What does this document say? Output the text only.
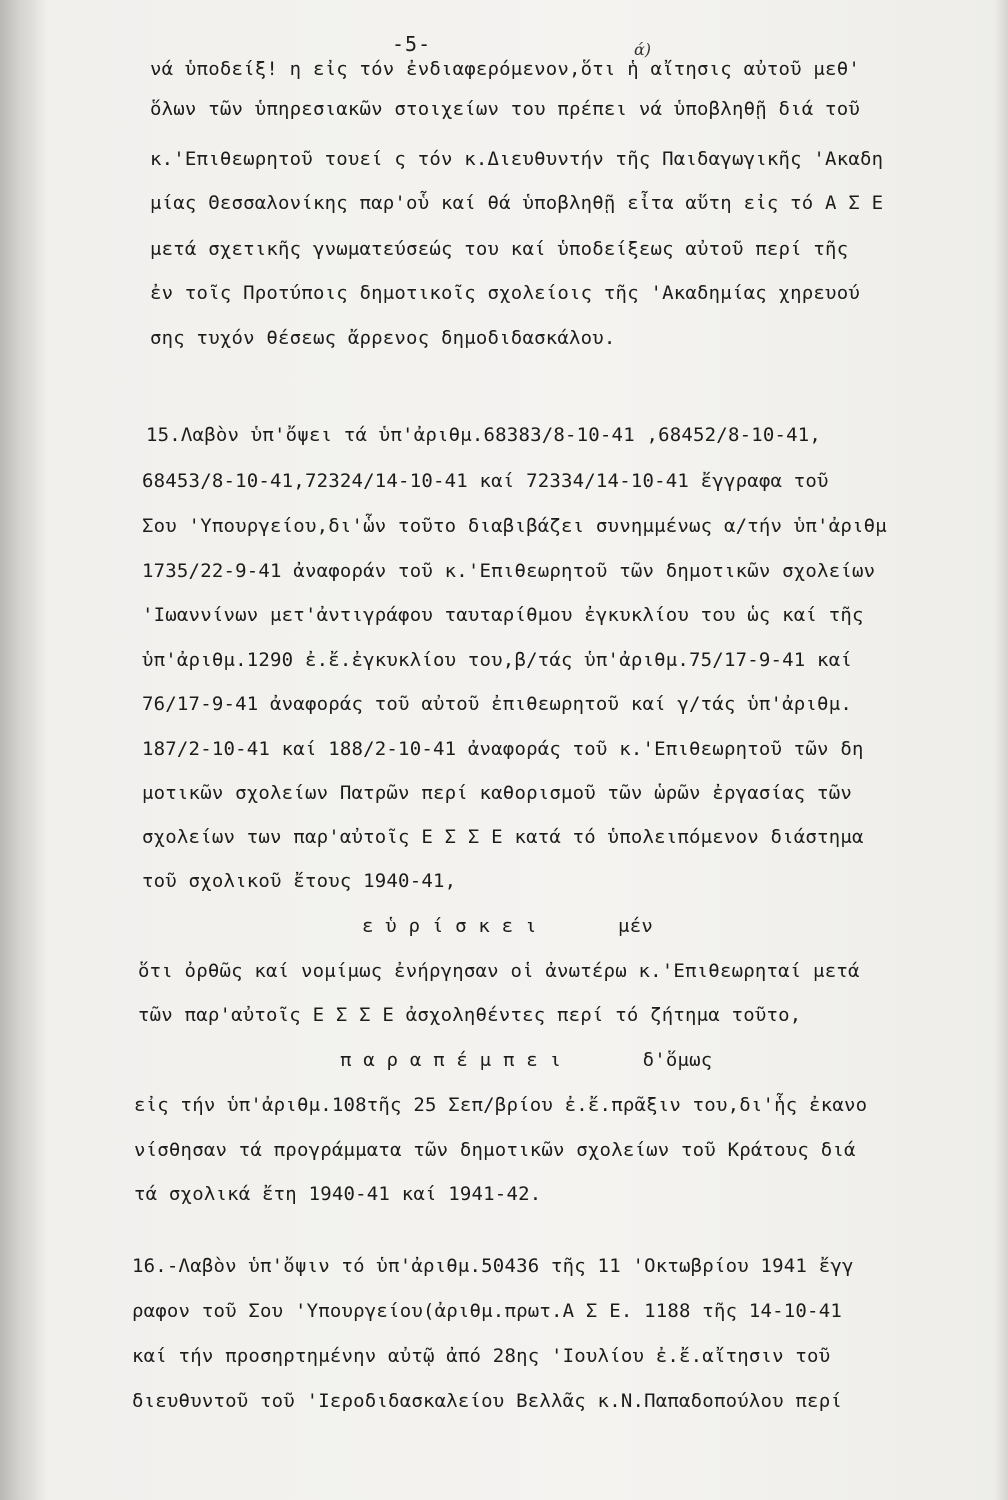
-5-	ά)
νά ὑποδείξ! η εἰς τόν ἐνδιαφερόμενον,ὅτι ἡ αἴτησις αὐτοῦ μεθ'
ὅλων τῶν ὑπηρεσιακῶν στοιχείων του πρέπει νά ὑποβληθῇ διά τοῦ
κ.'Επιθεωρητοῦ τουεί ς τόν κ.Διευθυντήν τῆς Παιδαγωγικῆς 'Ακαδη
μίας Θεσσαλονίκης παρ'οὗ καί θά ὑποβληθῇ εἶτα αὕτη εἰς τό Α Σ Ε
μετά σχετικῆς γνωματεύσεώς του καί ὑποδείξεως αὐτοῦ περί τῆς
ἐν τοῖς Προτύποις δημοτικοῖς σχολείοις τῆς 'Ακαδημίας χηρευού
σης τυχόν θέσεως ἄρρενος δημοδιδασκάλου.
15.Λαβὸν ὑπ'ὄψει τά ὑπ'ἀριθμ.68383/8-10-41 ,68452/8-10-41,
68453/8-10-41,72324/14-10-41 καί 72334/14-10-41 ἔγγραφα τοῦ
Σου 'Υπουργείου,δι'ὧν τοῦτο διαβιβάζει συνημμένως α/τήν ὑπ'ἀριθμ
1735/22-9-41 ἀναφοράν τοῦ κ.'Επιθεωρητοῦ τῶν δημοτικῶν σχολείων
'Ιωαννίνων μετ'ἀντιγράφου ταυταρίθμου ἐγκυκλίου του ὡς καί τῆς
ὑπ'ἀριθμ.1290 ἐ.ἔ.ἐγκυκλίου του,β/τάς ὑπ'ἀριθμ.75/17-9-41 καί
76/17-9-41 ἀναφοράς τοῦ αὐτοῦ ἐπιθεωρητοῦ καί γ/τάς ὑπ'ἀριθμ.
187/2-10-41 καί 188/2-10-41 ἀναφοράς τοῦ κ.'Επιθεωρητοῦ τῶν δη
μοτικῶν σχολείων Πατρῶν περί καθορισμοῦ τῶν ὡρῶν ἐργασίας τῶν
σχολείων των παρ'αὐτοῖς Ε Σ Σ Ε κατά τό ὑπολειπόμενον διάστημα
τοῦ σχολικοῦ ἔτους 1940-41,
ε ὑ ρ ί σ κ ε ι       μέν
ὅτι ὀρθῶς καί νομίμως ἐνήργησαν οἱ ἀνωτέρω κ.'Επιθεωρηταί μετά
τῶν παρ'αὐτοῖς Ε Σ Σ Ε ἀσχοληθέντες περί τό ζήτημα τοῦτο,
π α ρ α π έ μ π ε ι       δ'ὅμως
εἰς τήν ὑπ'ἀριθμ.108τῆς 25 Σεπ/βρίου ἐ.ἔ.πρᾶξιν του,δι'ἧς ἐκανο
νίσθησαν τά προγράμματα τῶν δημοτικῶν σχολείων τοῦ Κράτους διά
τά σχολικά ἔτη 1940-41 καί 1941-42.
16.-Λαβὸν ὑπ'ὄψιν τό ὑπ'ἀριθμ.50436 τῆς 11 'Οκτωβρίου 1941 ἔγγ
ραφον τοῦ Σου 'Υπουργείου(ἀριθμ.πρωτ.Α Σ Ε. 1188 τῆς 14-10-41
καί τήν προσηρτημένην αὐτῷ ἀπό 28ης 'Ιουλίου ἐ.ἔ.αἴτησιν τοῦ
διευθυντοῦ τοῦ 'Ιεροδιδασκαλείου Βελλᾶς κ.Ν.Παπαδοπούλου περί
